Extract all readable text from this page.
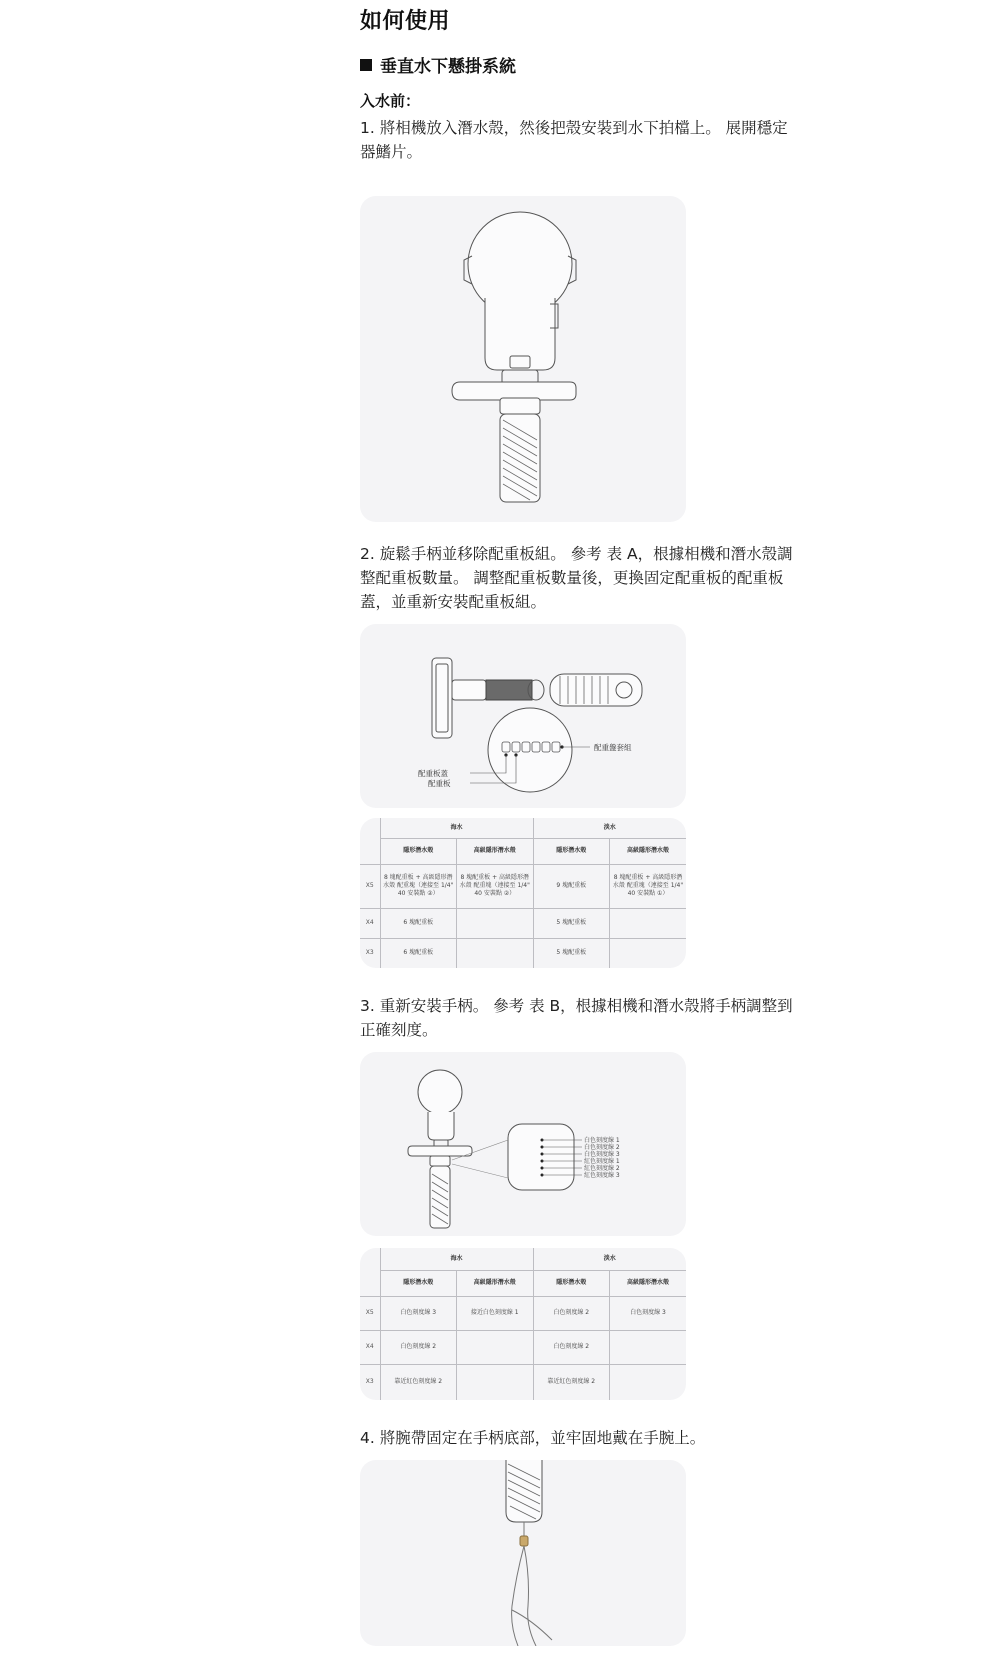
如何使用
垂直水下懸掛系統
入水前：
1. 將相機放入潛水殼，然後把殼安裝到水下拍檔上。 展開穩定器鰭片。
2. 旋鬆手柄並移除配重板組。 參考 表 A，根據相機和潛水殼調整配重板數量。 調整配重板數量後，更換固定配重板的配重板蓋，並重新安裝配重板組。
配重盤套組
配重板蓋
配重板
	海水		淡水	
	隱形潛水殼	高級隱形潛水殼	隱形潛水殼	高級隱形潛水殼
X5	8 塊配重板 + 高級隱形潛水殼 配重塊（連接至 1/4" 40 安裝點 ②）	8 塊配重板 + 高級隱形潛水殼 配重塊（連接至 1/4" 40 安裝點 ②）	9 塊配重板	8 塊配重板 + 高級隱形潛水殼 配重塊（連接至 1/4" 40 安裝點 ①）
X4	6 塊配重板		5 塊配重板	
X3	6 塊配重板		5 塊配重板	
3. 重新安裝手柄。 參考 表 B，根據相機和潛水殼將手柄調整到正確刻度。
白色刻度線 1
白色刻度線 2
白色刻度線 3
紅色刻度線 1
紅色刻度線 2
紅色刻度線 3
	海水		淡水	
	隱形潛水殼	高級隱形潛水殼	隱形潛水殼	高級隱形潛水殼
X5	白色刻度線 3	接近白色刻度線 1	白色刻度線 2	白色刻度線 3
X4	白色刻度線 2		白色刻度線 2	
X3	靠近紅色刻度線 2		靠近紅色刻度線 2	
4. 將腕帶固定在手柄底部，並牢固地戴在手腕上。
